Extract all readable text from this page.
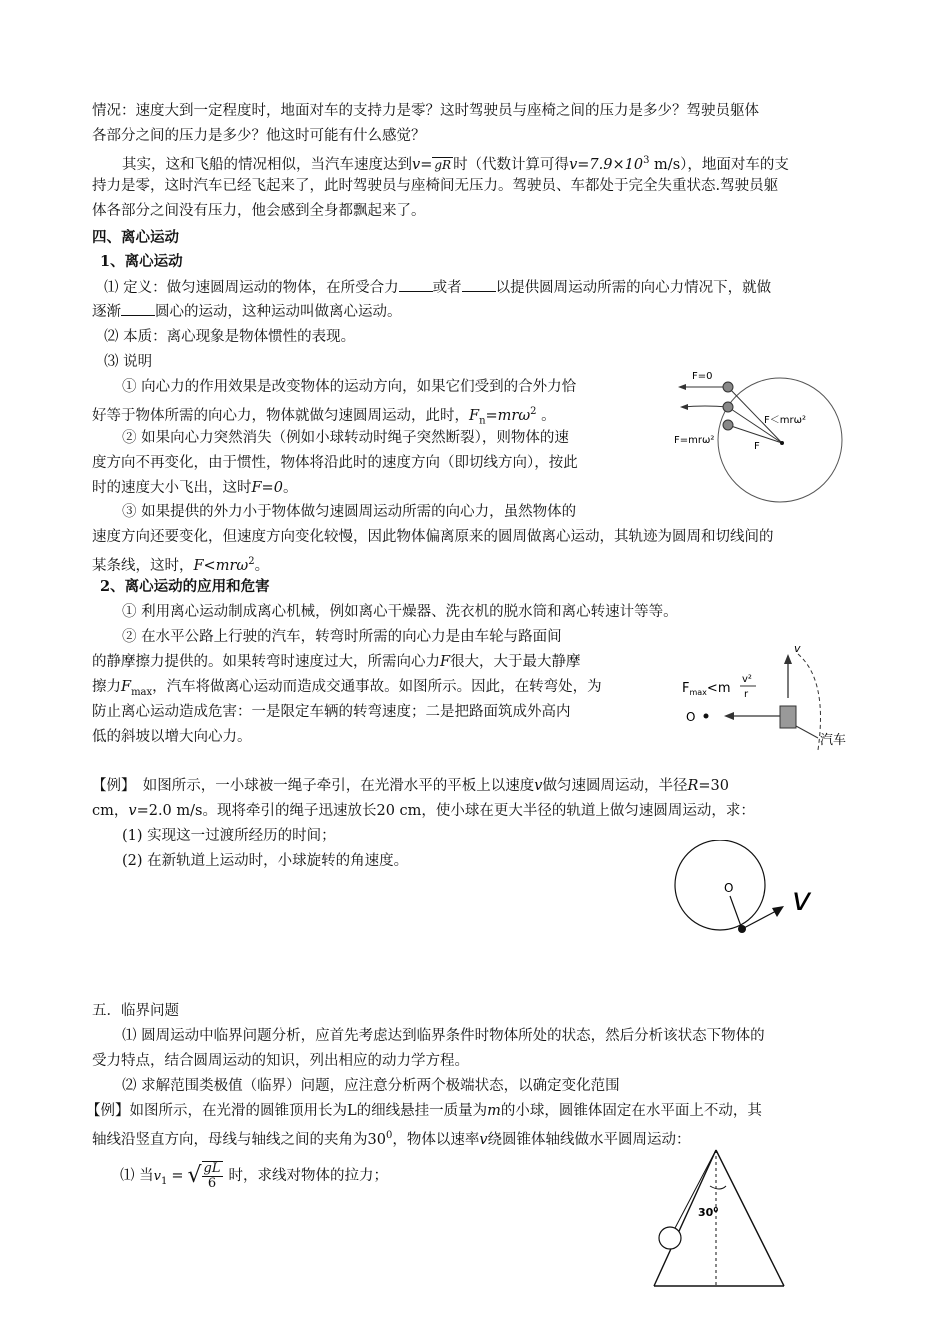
情况：速度大到一定程度时，地面对车的支持力是零？这时驾驶员与座椅之间的压力是多少？驾驶员躯体
各部分之间的压力是多少？他这时可能有什么感觉？
其实，这和飞船的情况相似，当汽车速度达到v= gR 时（代数计算可得$v=7.9\times 10^3$ m/s），地面对车的支
持力是零，这时汽车已经飞起来了，此时驾驶员与座椅间无压力。驾驶员、车都处于完全失重状态.驾驶员躯
体各部分之间没有压力，他会感到全身都飘起来了。
四、离心运动
1、离心运动
⑴ 定义：做匀速圆周运动的物体，在所受合力 或者 以提供圆周运动所需的向心力情况下，就做
逐渐 圆心的运动，这种运动叫做离心运动。
⑵ 本质：离心现象是物体惯性的表现。
⑶ 说明
① 向心力的作用效果是改变物体的运动方向，如果它们受到的合外力恰
好等于物体所需的向心力，物体就做匀速圆周运动，此时，$F_n=mr\omega^2$ 。
② 如果向心力突然消失（例如小球转动时绳子突然断裂），则物体的速
度方向不再变化，由于惯性，物体将沿此时的速度方向（即切线方向），按此
时的速度大小飞出，这时F=0。
③ 如果提供的外力小于物体做匀速圆周运动所需的向心力，虽然物体的
速度方向还要变化，但速度方向变化较慢，因此物体偏离原来的圆周做离心运动，其轨迹为圆周和切线间的
某条线，这时，F<mrω$^2$。
2、离心运动的应用和危害
① 利用离心运动制成离心机械，例如离心干燥器、洗衣机的脱水筒和离心转速计等等。
② 在水平公路上行驶的汽车，转弯时所需的向心力是由车轮与路面间
的静摩擦力提供的。如果转弯时速度过大，所需向心力F很大，大于最大静摩
擦力$F_{max}$，汽车将做离心运动而造成交通事故。如图所示。因此，在转弯处，为
防止离心运动造成危害：一是限定车辆的转弯速度；二是把路面筑成外高内
低的斜坡以增大向心力。
【例】　如图所示，一小球被一绳子牵引，在光滑水平的平板上以速度v做匀速圆周运动，半径R=30
cm，v=2.0 m/s。现将牵引的绳子迅速放长20 cm，使小球在更大半径的轨道上做匀速圆周运动，求：
(1) 实现这一过渡所经历的时间；
(2) 在新轨道上运动时，小球旋转的角速度。
五．临界问题
⑴ 圆周运动中临界问题分析，应首先考虑达到临界条件时物体所处的状态，然后分析该状态下物体的
受力特点，结合圆周运动的知识，列出相应的动力学方程。
⑵ 求解范围类极值（临界）问题，应注意分析两个极端状态，以确定变化范围
【例】如图所示，在光滑的圆锥顶用长为L的细线悬挂一质量为m的小球，圆锥体固定在水平面上不动，其
轴线沿竖直方向，母线与轴线之间的夹角为$30^0$，物体以速率v绕圆锥体轴线做水平圆周运动：
⑴ 当$v_1$ = √ $\frac{gL}{6}$ 时，求线对物体的拉力；
F=0
F＜mrω²
F=mrω²
F
v
$F_{max}<m$
v²
r
O
汽车
O v
$30^0$
